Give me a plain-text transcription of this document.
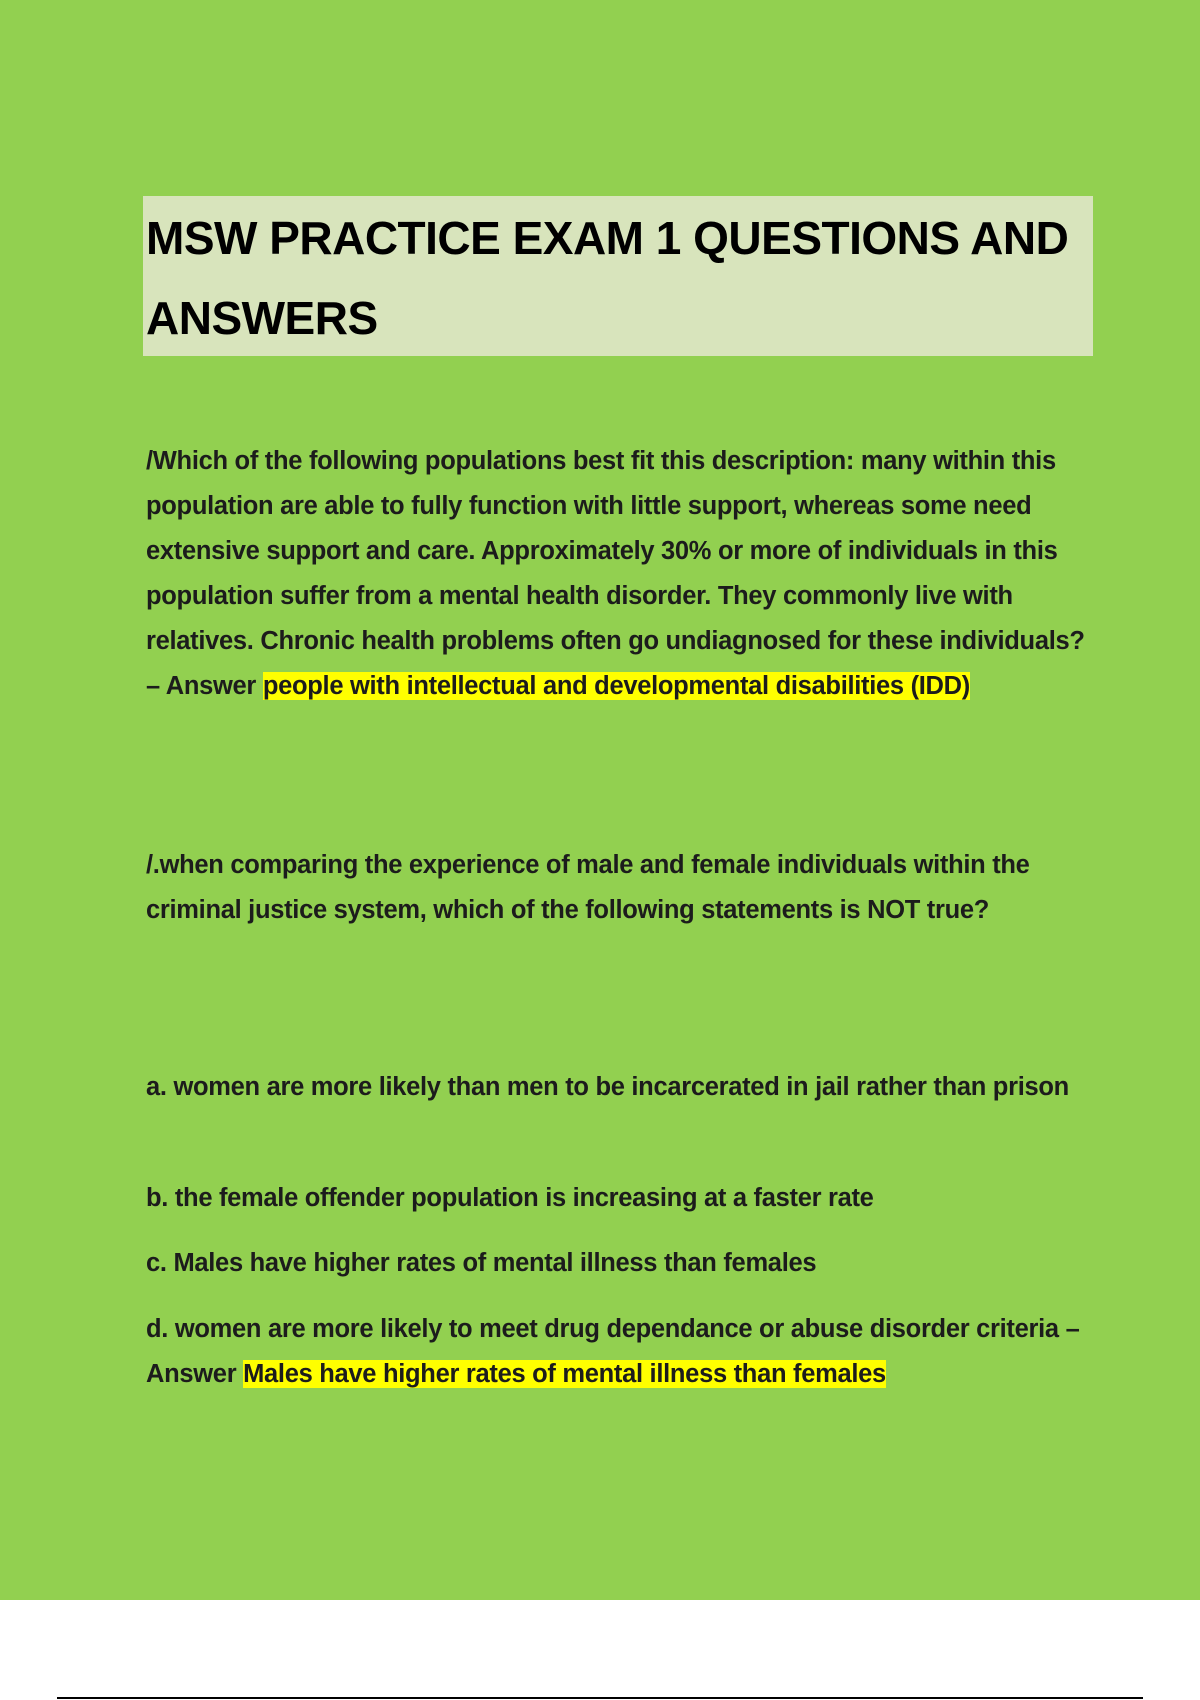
MSW PRACTICE EXAM 1 QUESTIONS AND ANSWERS

/Which of the following populations best fit this description: many within this population are able to fully function with little support, whereas some need extensive support and care. Approximately 30% or more of individuals in this population suffer from a mental health disorder. They commonly live with relatives. Chronic health problems often go undiagnosed for these individuals? – Answer people with intellectual and developmental disabilities (IDD)

/.when comparing the experience of male and female individuals within the criminal justice system, which of the following statements is NOT true?

a. women are more likely than men to be incarcerated in jail rather than prison

b. the female offender population is increasing at a faster rate

c. Males have higher rates of mental illness than females

d. women are more likely to meet drug dependance or abuse disorder criteria – Answer Males have higher rates of mental illness than females
